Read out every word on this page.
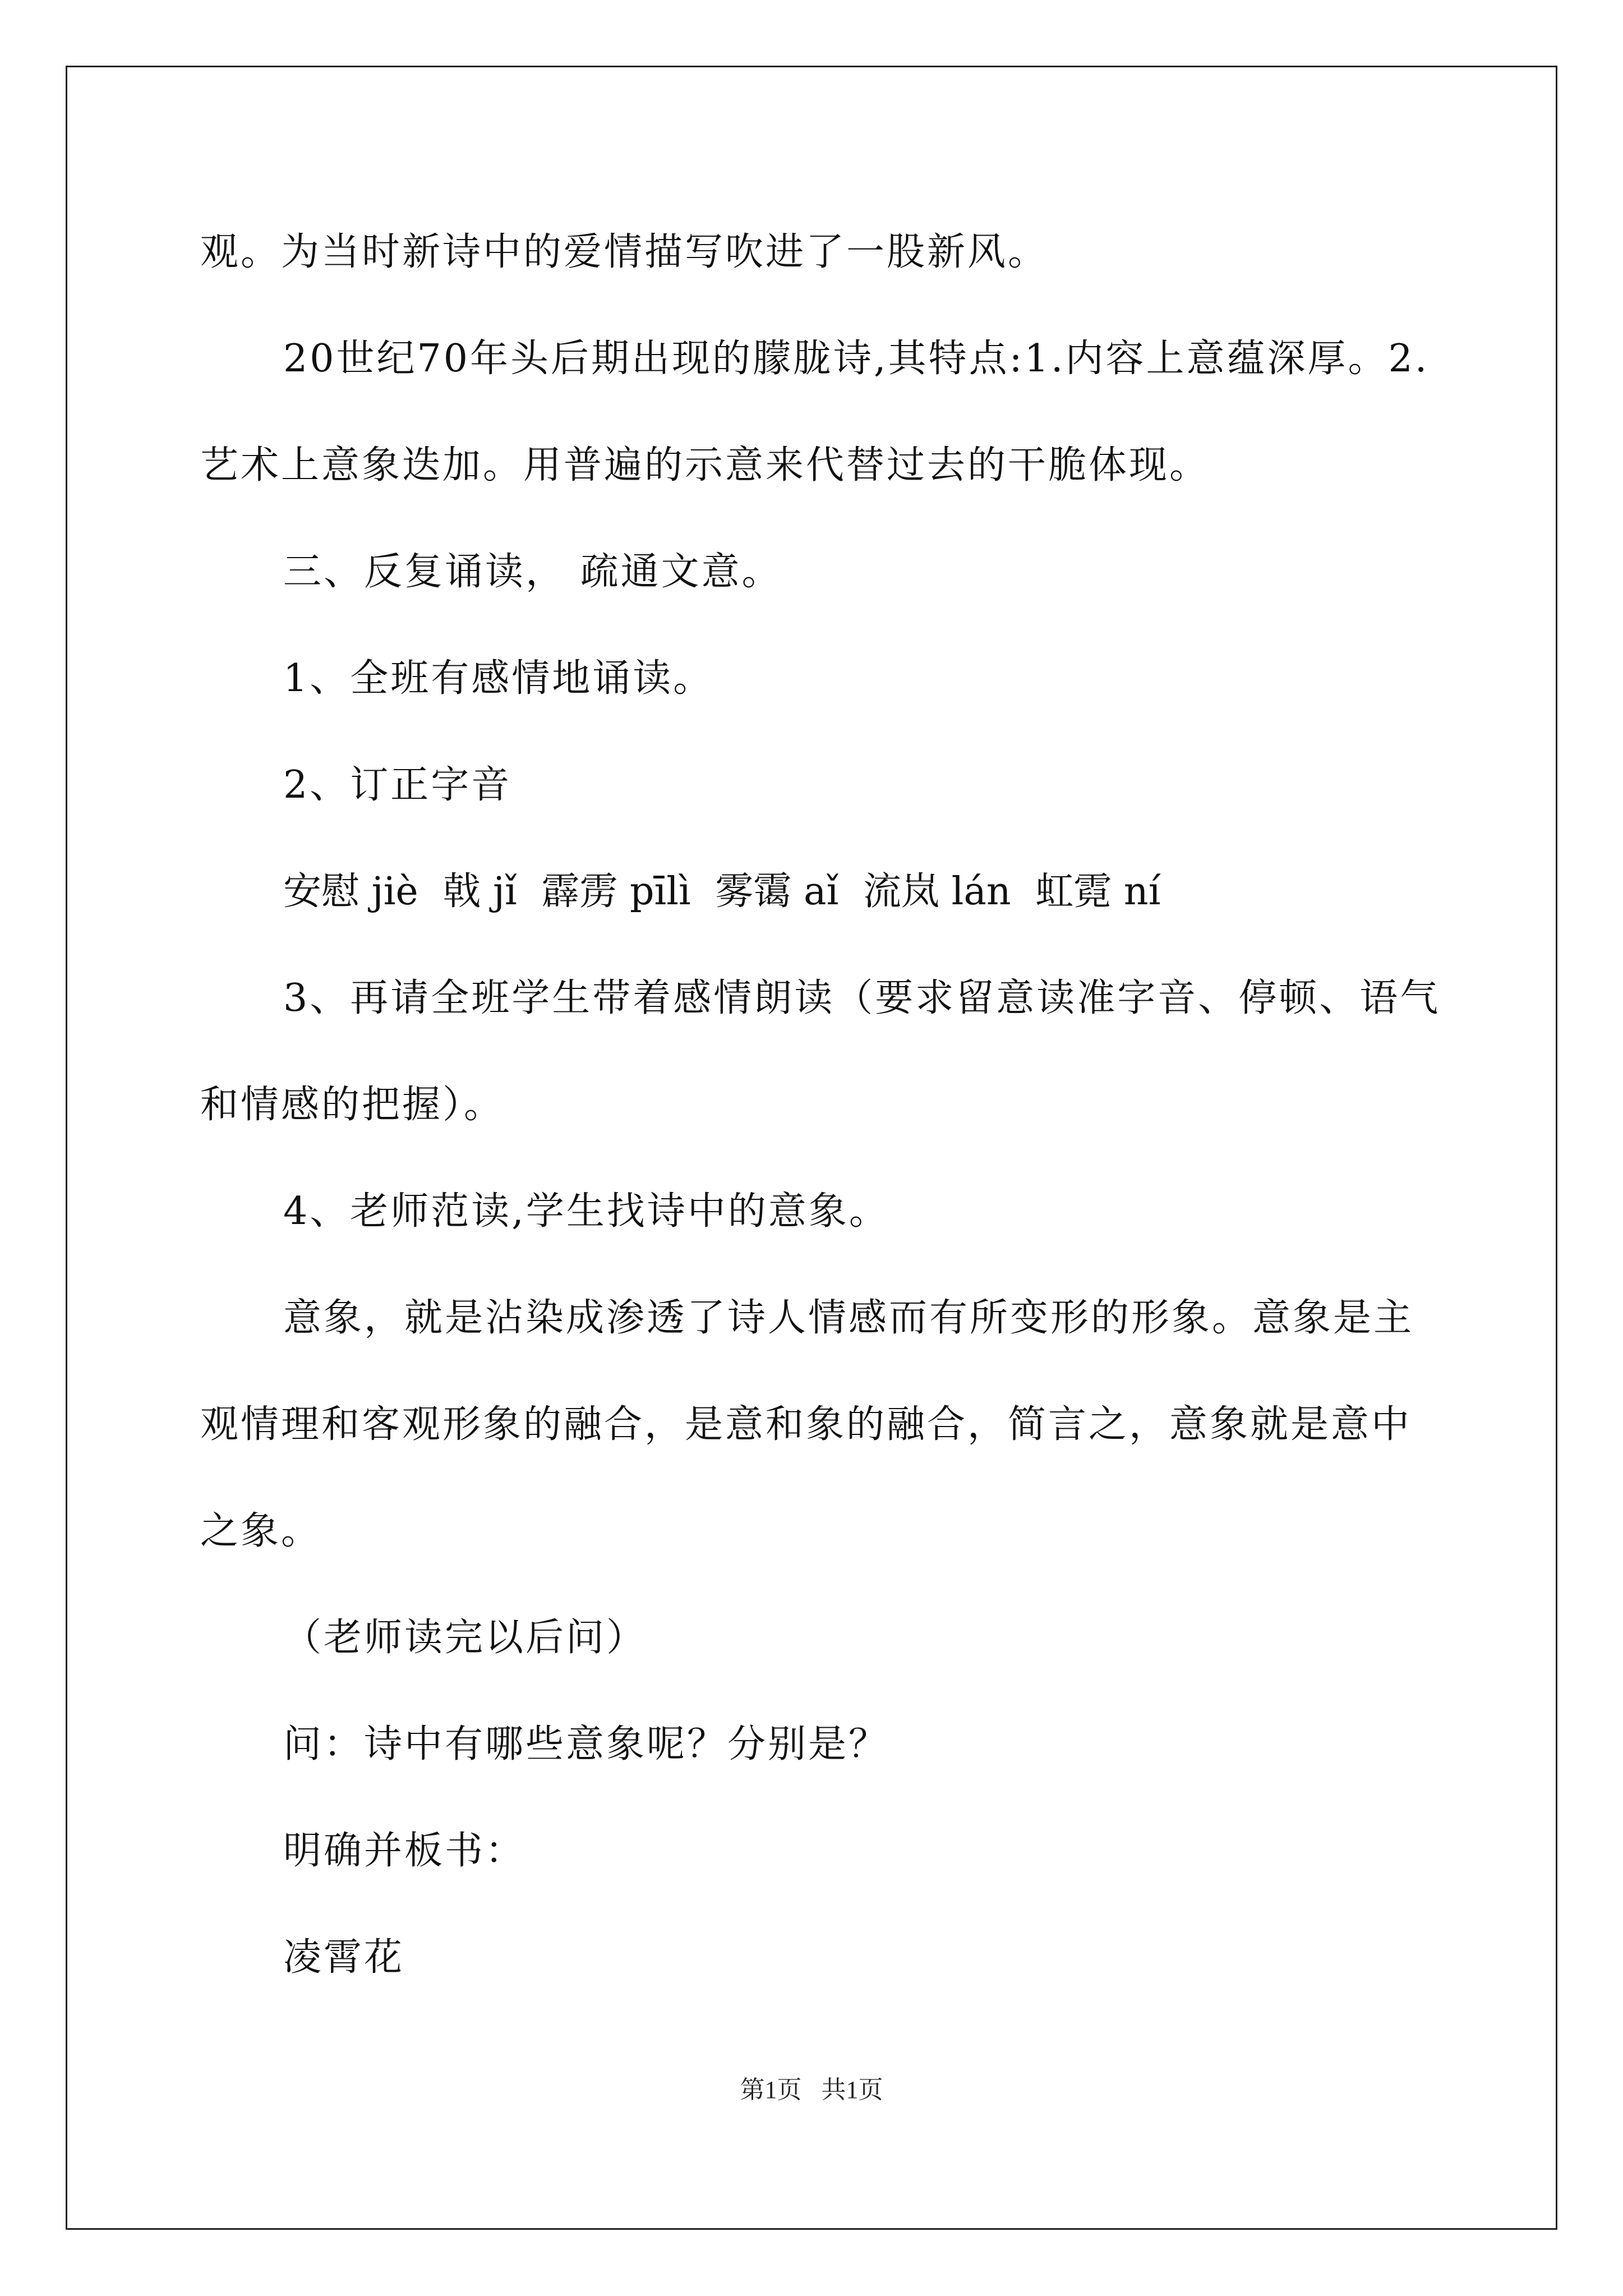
观。为当时新诗中的爱情描写吹进了一股新风。
20世纪70年头后期出现的朦胧诗,其特点:1.内容上意蕴深厚。2.
艺术上意象迭加。用普遍的示意来代替过去的干脆体现。
三、反复诵读， 疏通文意。
1、全班有感情地诵读。
2、订正字音
安慰 jiè 戟 jǐ 霹雳 pīlì 雾霭 aǐ 流岚 lán 虹霓 ní
3、再请全班学生带着感情朗读（要求留意读准字音、停顿、语气
和情感的把握）。
4、老师范读,学生找诗中的意象。
意象，就是沾染成渗透了诗人情感而有所变形的形象。意象是主
观情理和客观形象的融合，是意和象的融合，简言之，意象就是意中
之象。
（老师读完以后问）
问：诗中有哪些意象呢？分别是？
明确并板书：
凌霄花
第1页 共1页
